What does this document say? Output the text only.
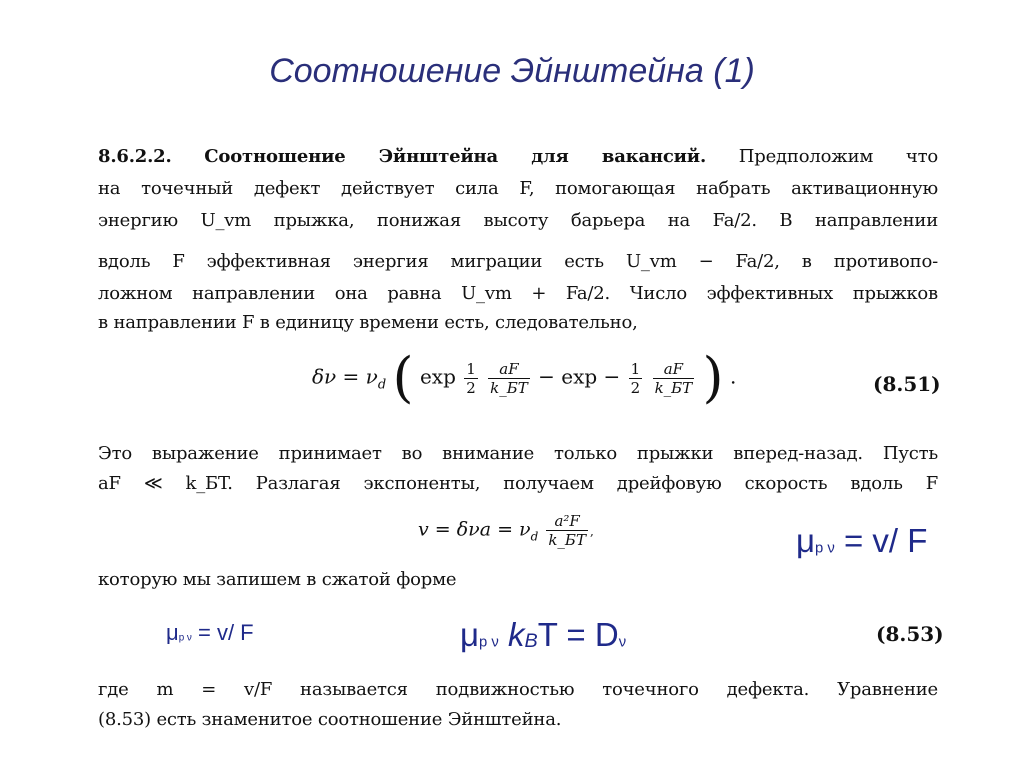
Соотношение Эйнштейна (1)
8.6.2.2. Соотношение Эйнштейна для вакансий. Предположим что
на точечный дефект действует сила F, помогающая набрать активационную
энергию U_vm прыжка, понижая высоту барьера на Fa/2. В направлении
вдоль F эффективная энергия миграции есть U_vm − Fa/2, в противопо-
ложном направлении она равна U_vm + Fa/2. Число эффективных прыжков
в направлении F в единицу времени есть, следовательно,
$\delta\nu = \nu_d$ ( $\exp \frac{1}{2}$
$\frac{aF}{k\_БT} - \exp - \frac{1}{2}$
$\frac{aF}{k\_БT}$ ) .	(8.51)
Это выражение принимает во внимание только прыжки вперед-назад. Пусть
aF ≪ k_БT. Разлагая экспоненты, получаем дрейфовую скорость вдоль F
$v = \delta\nu a = \nu_d \frac{\text{a²F}}{k\_БT}$ ,
которую мы запишем в сжатой форме
(8.53)
где m = v/F называется подвижностью точечного дефекта. Уравнение
(8.53) есть знаменитое соотношение Эйнштейна.
μp ν = v/ F
μp ν = v/ F	μp ν kBT = Dν
